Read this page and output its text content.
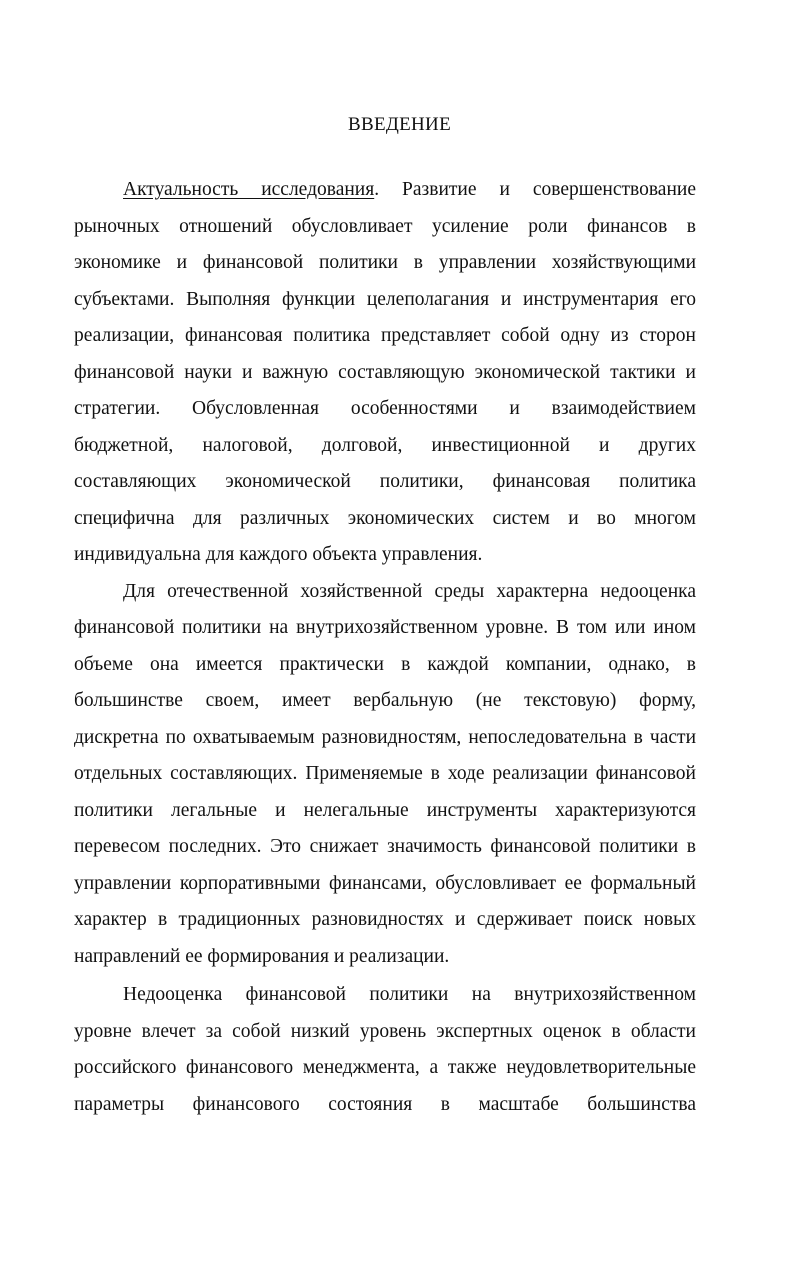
ВВЕДЕНИЕ
Актуальность исследования. Развитие и совершенствование
рыночных отношений обусловливает усиление роли финансов в
экономике и финансовой политики в управлении хозяйствующими
субъектами. Выполняя функции целеполагания и инструментария его
реализации, финансовая политика представляет собой одну из сторон
финансовой науки и важную составляющую экономической тактики и
стратегии. Обусловленная особенностями и взаимодействием
бюджетной, налоговой, долговой, инвестиционной и других
составляющих экономической политики, финансовая политика
специфична для различных экономических систем и во многом
индивидуальна для каждого объекта управления.
Для отечественной хозяйственной среды характерна недооценка
финансовой политики на внутрихозяйственном уровне. В том или ином
объеме она имеется практически в каждой компании, однако, в
большинстве своем, имеет вербальную (не текстовую) форму,
дискретна по охватываемым разновидностям, непоследовательна в части
отдельных составляющих. Применяемые в ходе реализации финансовой
политики легальные и нелегальные инструменты характеризуются
перевесом последних. Это снижает значимость финансовой политики в
управлении корпоративными финансами, обусловливает ее формальный
характер в традиционных разновидностях и сдерживает поиск новых
направлений ее формирования и реализации.
Недооценка финансовой политики на внутрихозяйственном
уровне влечет за собой низкий уровень экспертных оценок в области
российского финансового менеджмента, а также неудовлетворительные
параметры финансового состояния в масштабе большинства
